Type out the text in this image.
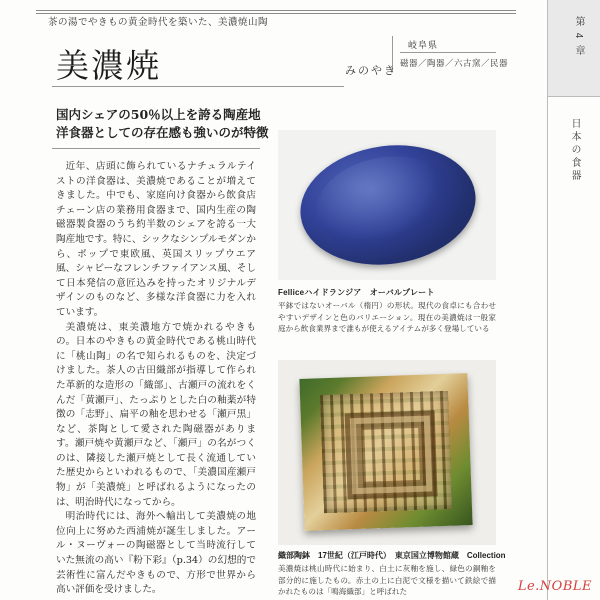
茶の湯でやきもの黄金時代を築いた、美濃焼山陶	第 4 章
日本の食器
美濃焼	みのやき
岐阜県
磁器／陶器／六古窯／民器
国内シェアの50％以上を誇る陶産地
洋食器としての存在感も強いのが特徴

近年、店頭に飾られているナチュラルテイストの洋食器は、美濃焼であることが増えてきました。中でも、家庭向け食器から飲食店チェーン店の業務用食器まで、国内生産の陶磁器製食器のうち約半数のシェアを誇る一大陶産地です。特に、シックなシンプルモダンから、ポップで東欧風、英国スリップウエア風、シャビーなフレンチファイアンス風、そして日本発信の意匠込みを持ったオリジナルデザインのものなど、多様な洋食器に力を入れています。

美濃焼は、東美濃地方で焼かれるやきもの。日本のやきもの黄金時代である桃山時代に「桃山陶」の名で知られるものを、決定づけました。茶人の古田織部が指導して作られた革新的な造形の「織部」、古瀬戸の流れをくんだ「黄瀬戸」、たっぷりとした白の釉薬が特徴の「志野」、扁平の釉を思わせる「瀬戸黒」など、茶陶として愛された陶磁器があります。瀬戸焼や黄瀬戸など、「瀬戸」の名がつくのは、隣接した瀬戸焼として長く流通していた歴史からといわれるもので、「美濃国産瀬戸物」が「美濃焼」と呼ばれるようになったのは、明治時代になってから。

明治時代には、海外へ輸出して美濃焼の地位向上に努めた西浦焼が誕生しました。アール・ヌーヴォーの陶磁器として当時流行していた無流の高い『粉下彩』（p.34）の幻想的で芸術性に富んだやきもので、方形で世界から高い評価を受けました。

Felliceハイドランジア　オーバルプレート
平鉢ではないオーバル（楕円）の形状。現代の食卓にも合わせやすいデザインと色のバリエーション。現在の美濃焼は一般家庭から飲食業界まで誰もが使えるアイテムが多く登場している
織部陶鉢　17世紀（江戸時代）　東京国立博物館蔵　Collection
美濃焼は桃山時代に始まり、白土に灰釉を施し、緑色の銅釉を部分的に施したもの。赤土の上に白泥で文様を描いて鉄絵で描かれたものは「鳴海織部」と呼ばれた	Le.NOBLE
